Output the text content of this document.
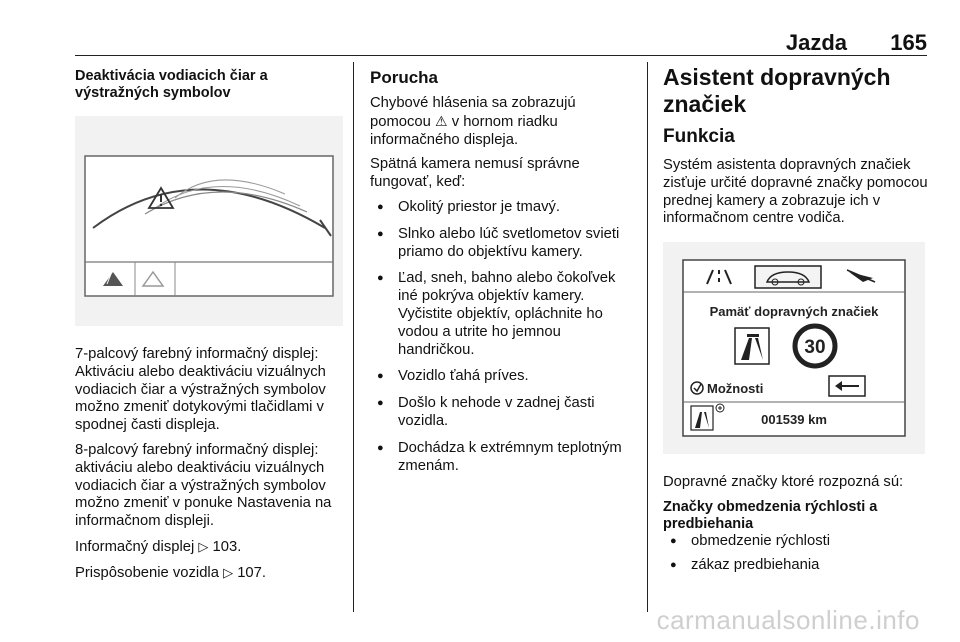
Jazda 165
Deaktivácia vodiacich čiar a výstražných symbolov

7-palcový farebný informačný displej: Aktiváciu alebo deaktiváciu vizuálnych vodiacich čiar a výstražných symbolov možno zmeniť dotykovými tlačidlami v spodnej časti displeja.

8-palcový farebný informačný displej: aktiváciu alebo deaktiváciu vizuálnych vodiacich čiar a výstražných symbolov možno zmeniť v ponuke Nastavenia na informačnom displeji.

Informačný displej ▷ 103.

Prispôsobenie vozidla ▷ 107.

Porucha

Chybové hlásenia sa zobrazujú pomocou ⚠ v hornom riadku informačného displeja.

Spätná kamera nemusí správne fungovať, keď:

● Okolitý priestor je tmavý.
● Slnko alebo lúč svetlometov svieti priamo do objektívu kamery.
● Ľad, sneh, bahno alebo čokoľvek iné pokrýva objektív kamery. Vyčistite objektív, opláchnite ho vodou a utrite ho jemnou handričkou.
● Vozidlo ťahá príves.
● Došlo k nehode v zadnej časti vozidla.
● Dochádza k extrémnym teplotným zmenám.
Asistent dopravných značiek
Funkcia

Systém asistenta dopravných značiek zisťuje určité dopravné značky pomocou prednej kamery a zobrazuje ich v informačnom centre vodiča.

Pamäť dopravných značiek
30
Možnosti
001539 km

Dopravné značky ktoré rozpozná sú:

Značky obmedzenia rýchlosti a predbiehania
● obmedzenie rýchlosti
● zákaz predbiehania
carmanualsonline.info
